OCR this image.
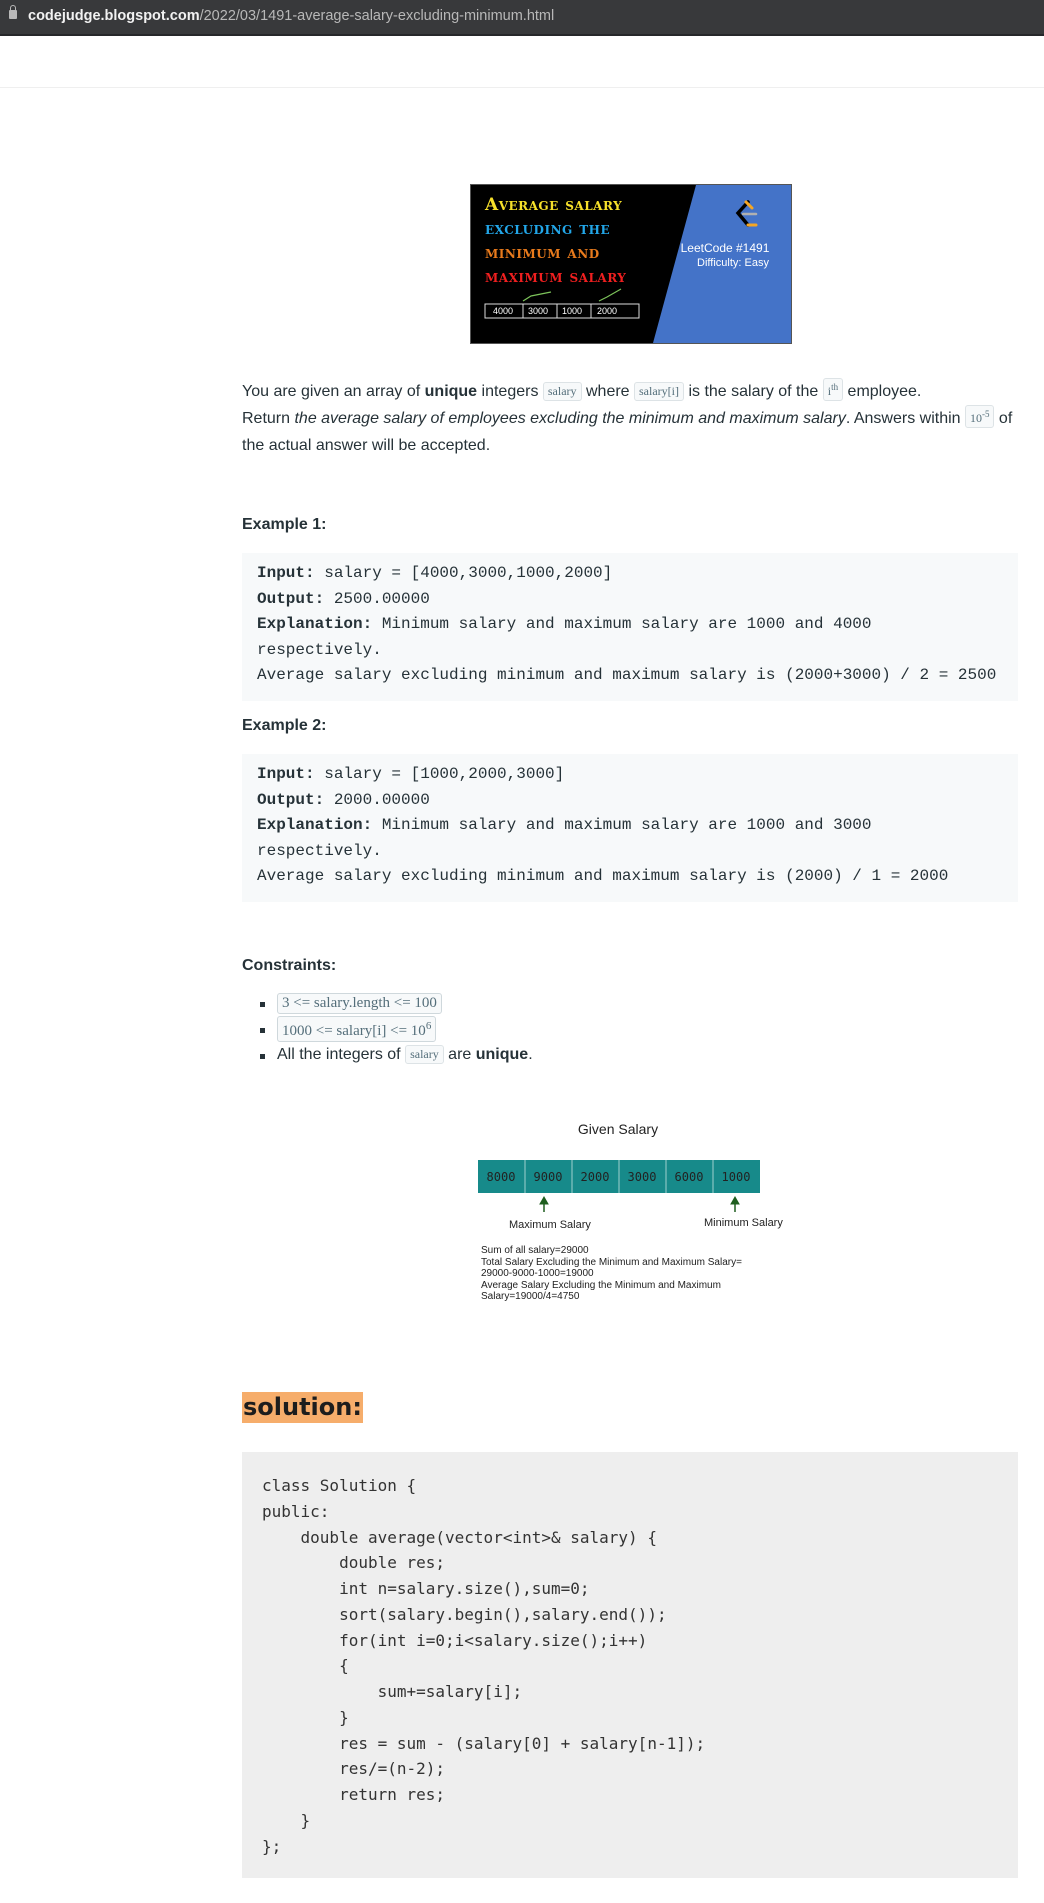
codejudge.blogspot.com/2022/03/1491-average-salary-excluding-minimum.html
Average salary
excluding the
minimum and
maximum salary
4000 3000 1000 2000
LeetCode #1491
Difficulty: Easy
You are given an array of unique integers salary where salary[i] is the salary of the $i^{th}$ employee.
Return the average salary of employees excluding the minimum and maximum salary. Answers within $10^{-5}$ of
the actual answer will be accepted.
Example 1:
Input: salary = [4000,3000,1000,2000]
Output: 2500.00000
Explanation: Minimum salary and maximum salary are 1000 and 4000
respectively.
Average salary excluding minimum and maximum salary is (2000+3000) / 2 = 2500
Example 2:
Input: salary = [1000,2000,3000]
Output: 2000.00000
Explanation: Minimum salary and maximum salary are 1000 and 3000
respectively.
Average salary excluding minimum and maximum salary is (2000) / 1 = 2000
Constraints:
3 <= salary.length <= 100
1000 <= salary[i] <= $10^6$
All the integers of salary are unique.
Given Salary
8000 9000 2000 3000 6000 1000
Maximum Salary	Minimum Salary
Sum of all salary=29000
Total Salary Excluding the Minimum and Maximum Salary=
29000-9000-1000=19000
Average Salary Excluding the Minimum and Maximum
Salary=19000/4=4750
solution:
class Solution {
public:
double average(vector<int>& salary) {
double res;
int n=salary.size(),sum=0;
sort(salary.begin(),salary.end());
for(int i=0;i<salary.size();i++)
{
sum+=salary[i];
}
res = sum - (salary[0] + salary[n-1]);
res/=(n-2);
return res;
}
};
